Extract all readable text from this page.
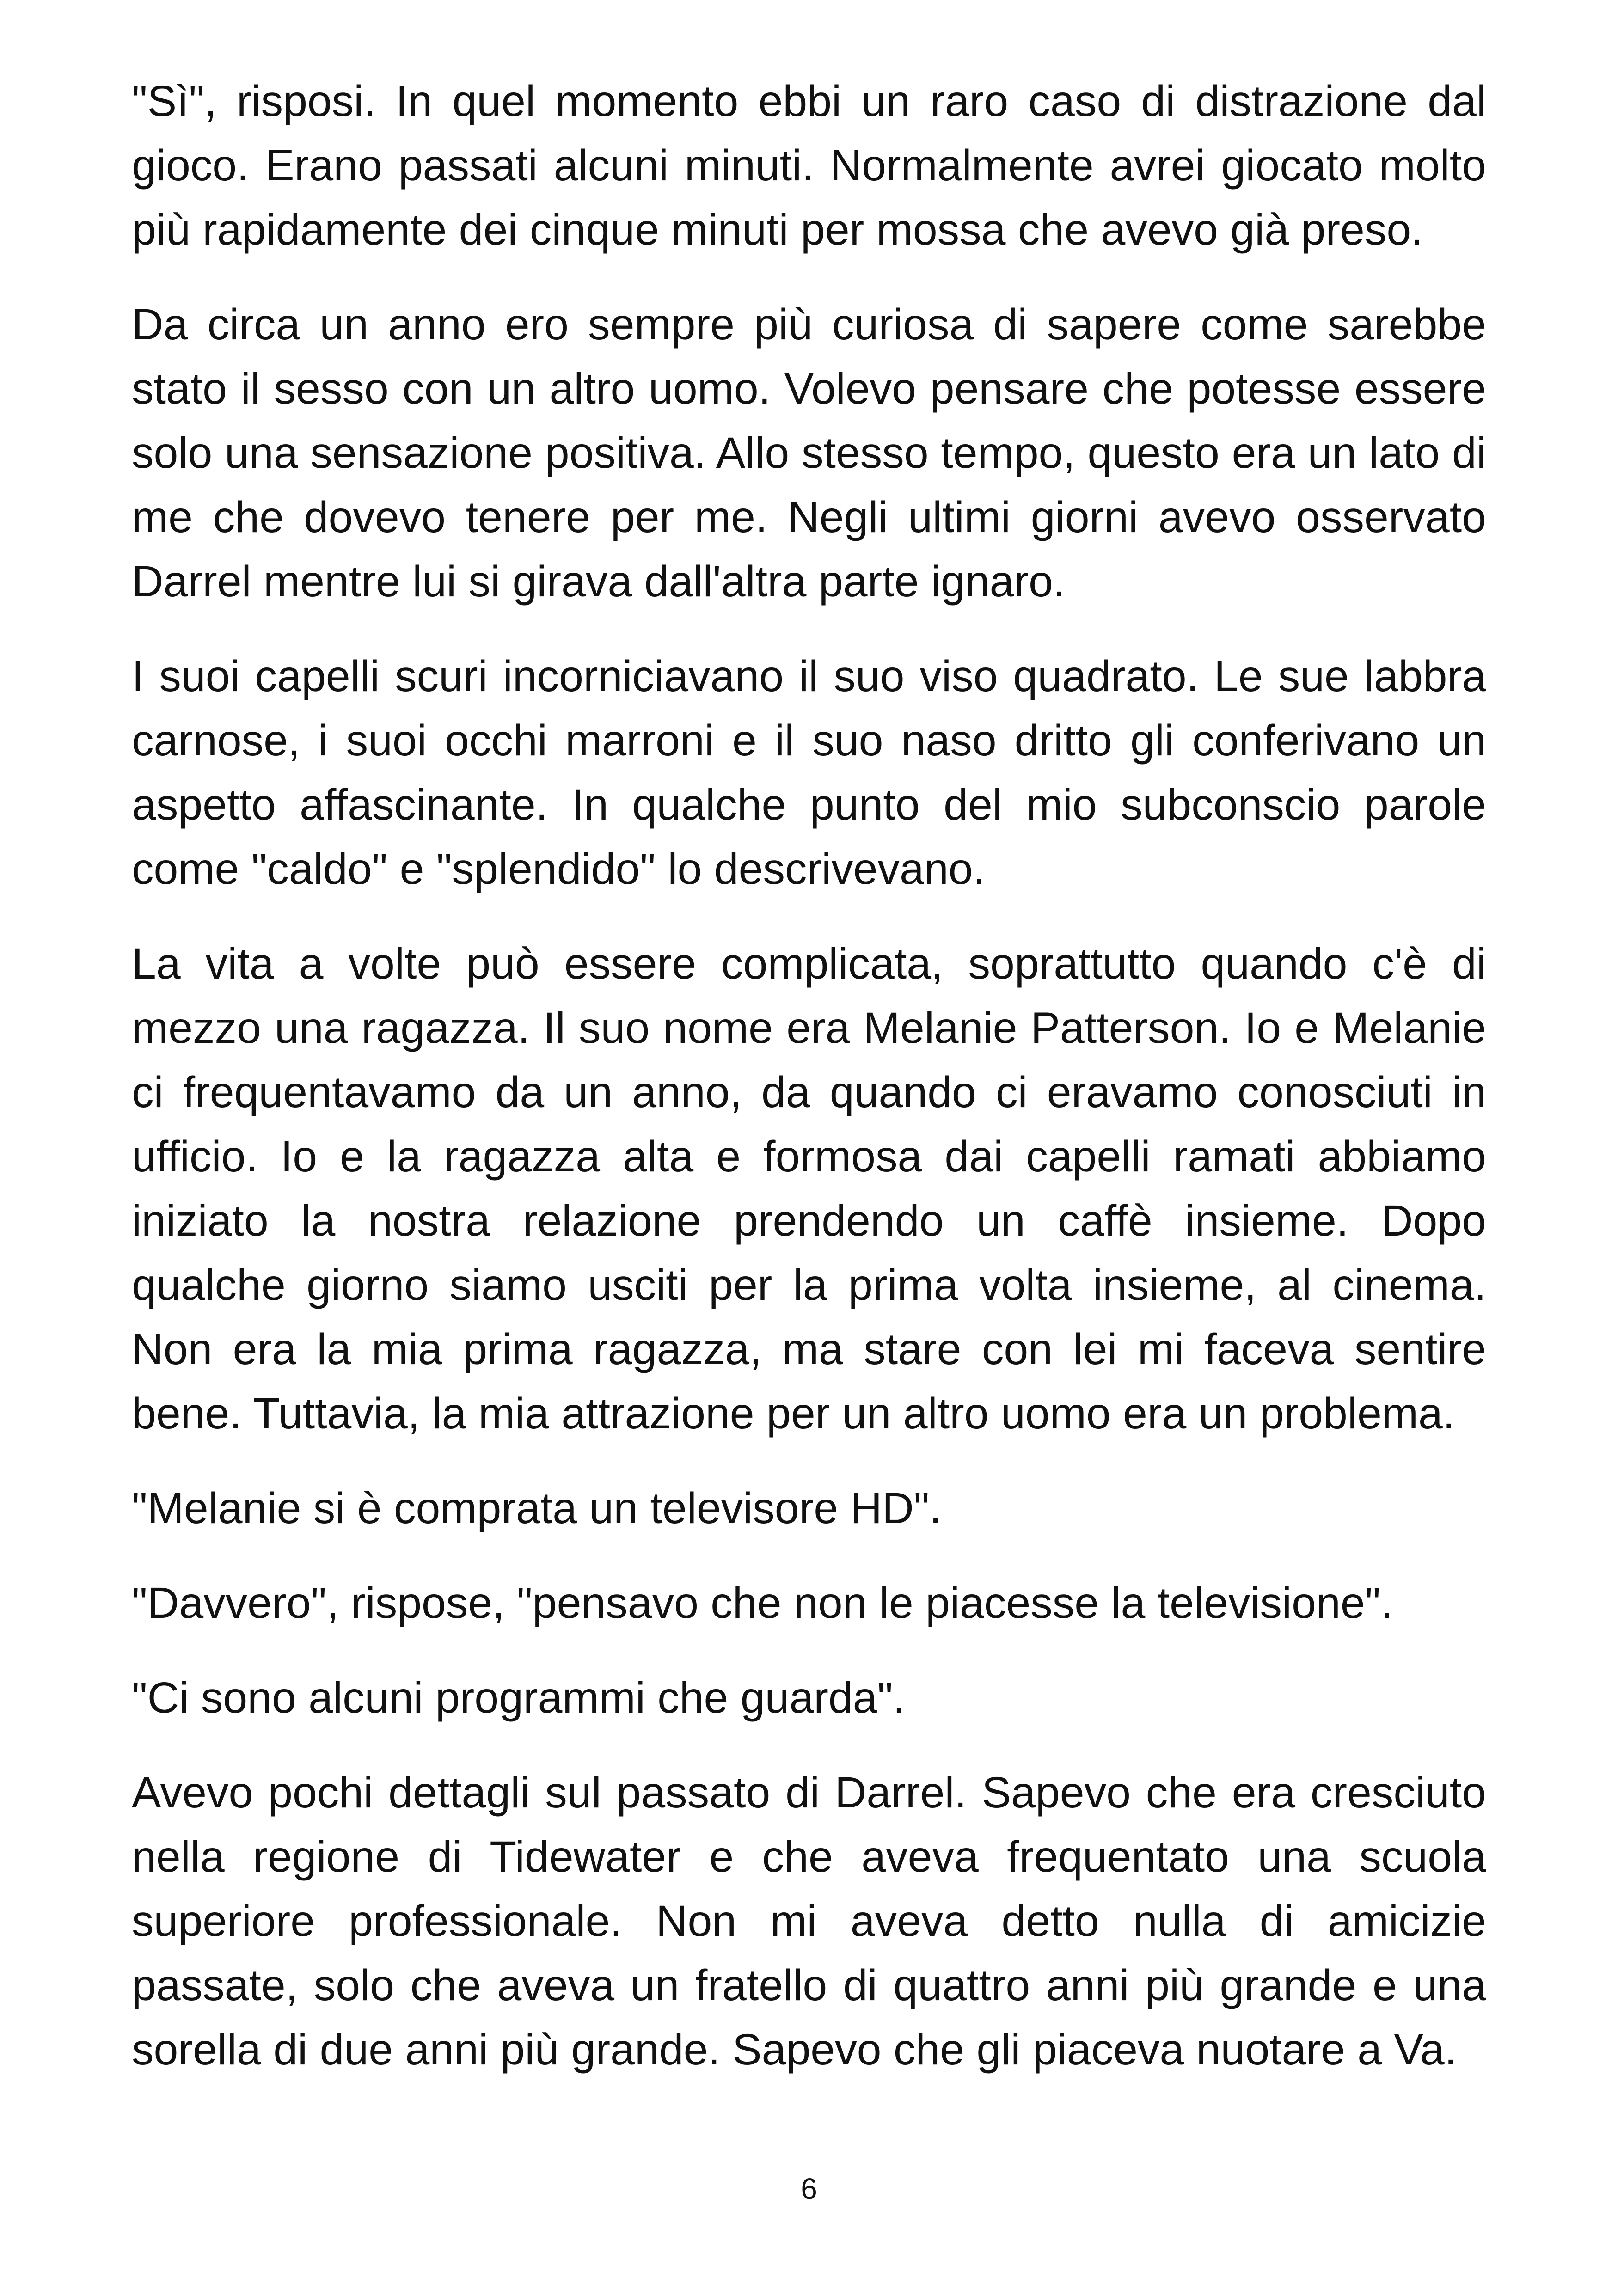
"Sì", risposi. In quel momento ebbi un raro caso di distrazione dal gioco. Erano passati alcuni minuti. Normalmente avrei giocato molto più rapidamente dei cinque minuti per mossa che avevo già preso.

Da circa un anno ero sempre più curiosa di sapere come sarebbe stato il sesso con un altro uomo. Volevo pensare che potesse essere solo una sensazione positiva. Allo stesso tempo, questo era un lato di me che dovevo tenere per me. Negli ultimi giorni avevo osservato Darrel mentre lui si girava dall'altra parte ignaro.

I suoi capelli scuri incorniciavano il suo viso quadrato. Le sue labbra carnose, i suoi occhi marroni e il suo naso dritto gli conferivano un aspetto affascinante. In qualche punto del mio subconscio parole come "caldo" e "splendido" lo descrivevano.

La vita a volte può essere complicata, soprattutto quando c'è di mezzo una ragazza. Il suo nome era Melanie Patterson. Io e Melanie ci frequentavamo da un anno, da quando ci eravamo conosciuti in ufficio. Io e la ragazza alta e formosa dai capelli ramati abbiamo iniziato la nostra relazione prendendo un caffè insieme. Dopo qualche giorno siamo usciti per la prima volta insieme, al cinema. Non era la mia prima ragazza, ma stare con lei mi faceva sentire bene. Tuttavia, la mia attrazione per un altro uomo era un problema.

"Melanie si è comprata un televisore HD".

"Davvero", rispose, "pensavo che non le piacesse la televisione".

"Ci sono alcuni programmi che guarda".

Avevo pochi dettagli sul passato di Darrel. Sapevo che era cresciuto nella regione di Tidewater e che aveva frequentato una scuola superiore professionale. Non mi aveva detto nulla di amicizie passate, solo che aveva un fratello di quattro anni più grande e una sorella di due anni più grande. Sapevo che gli piaceva nuotare a Va.

6
